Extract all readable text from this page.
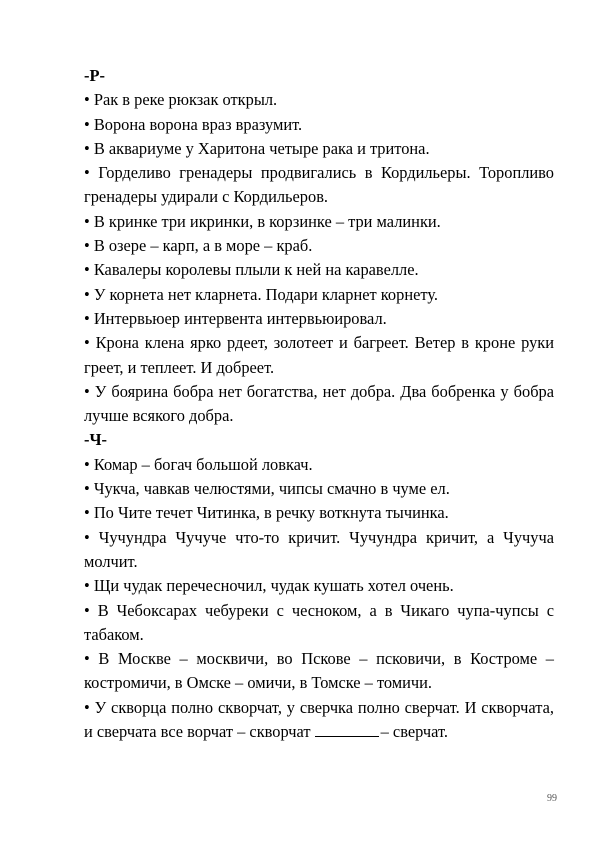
-Р-

• Рак в реке рюкзак открыл.

• Ворона ворона враз вразумит.

• В аквариуме у Харитона четыре рака и тритона.

• Горделиво гренадеры продвигались в Кордильеры. Торопливо гренадеры удирали с Кордильеров.

• В кринке три икринки, в корзинке – три малинки.

• В озере – карп, а в море – краб.

• Кавалеры королевы плыли к ней на каравелле.

• У корнета нет кларнета. Подари кларнет корнету.

• Интервьюер интервента интервьюировал.

• Крона клена ярко рдеет, золотеет и багреет. Ветер в кроне руки греет, и теплеет. И добреет.

• У боярина бобра нет богатства, нет добра. Два бобренка у бобра лучше всякого добра.

-Ч-

• Комар – богач большой ловкач.

• Чукча, чавкав челюстями, чипсы смачно в чуме ел.

• По Чите течет Читинка, в речку воткнута тычинка.

• Чучундра Чучуче что-то кричит. Чучундра кричит, а Чучуча молчит.

• Щи чудак перечесночил, чудак кушать хотел очень.

• В Чебоксарах чебуреки с чесноком, а в Чикаго чупа-чупсы с табаком.

• В Москве – москвичи, во Пскове – псковичи, в Костроме –костромичи, в Омске – омичи, в Томске – томичи.

• У скворца полно скворчат, у сверчка полно сверчат. И скворчата, и сверчата все ворчат – скворчат	– сверчат.

99
